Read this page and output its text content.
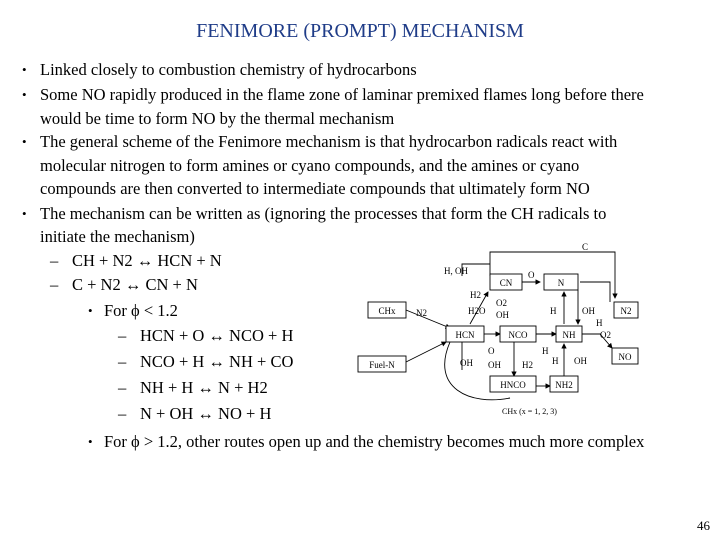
FENIMORE (PROMPT) MECHANISM
• Linked closely to combustion chemistry of hydrocarbons
• Some NO rapidly produced in the flame zone of laminar premixed flames long before there
would be time to form NO by the thermal mechanism
• The general scheme of the Fenimore mechanism is that hydrocarbon radicals react with
molecular nitrogen to form amines or cyano compounds, and the amines or cyano
compounds are then converted to intermediate compounds that ultimately form NO
• The mechanism can be written as (ignoring the processes that form the CH radicals to
initiate the mechanism)
– CH + N2 ↔ HCN + N
– C + N2 ↔ CN + N
• For ϕ < 1.2
– HCN + O ↔ NCO + H
– NCO + H ↔ NH + CO
– NH + H ↔ N + H2
– N + OH ↔ NO + H
• For ϕ > 1.2, other routes open up and the chemistry becomes much more complex
CHx
Fuel-N
HCN	NCO	NH
CN	N
N2
NO
HNCO	NH2
C
H, OH	O
H2
N2	H2O
O2
OH	H	OH
OH
O	H
H
O2
H OH
OH H2
CHx (x = 1, 2, 3)
46
